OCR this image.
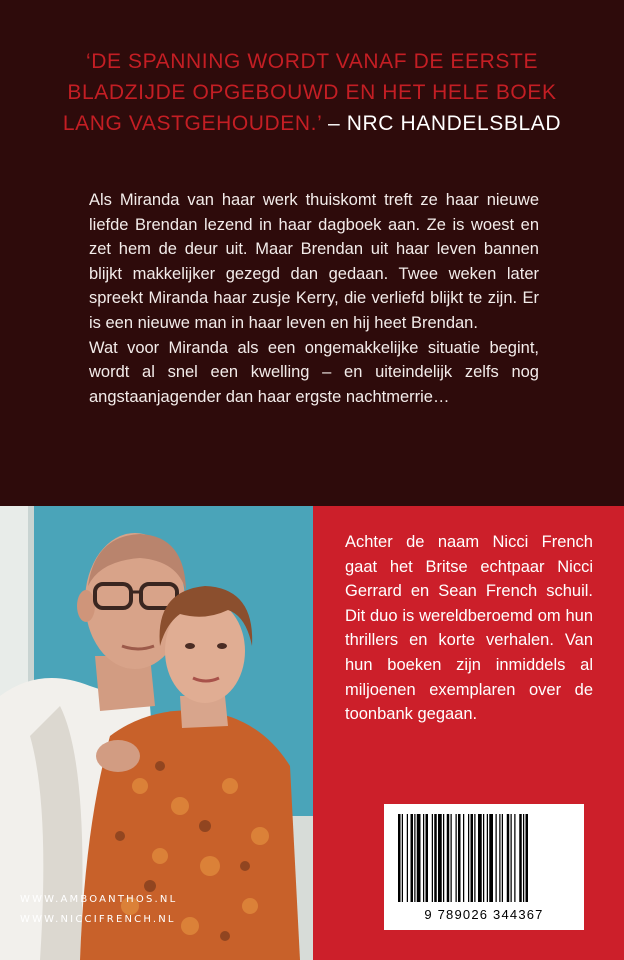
‘DE SPANNING WORDT VANAF DE EERSTE BLADZIJDE OPGEBOUWD EN HET HELE BOEK LANG VASTGEHOUDEN.’ – NRC HANDELSBLAD

Als Miranda van haar werk thuiskomt treft ze haar nieuwe liefde Brendan lezend in haar dagboek aan. Ze is woest en zet hem de deur uit. Maar Brendan uit haar leven bannen blijkt makkelijker gezegd dan gedaan. Twee weken later spreekt Miranda haar zusje Kerry, die verliefd blijkt te zijn. Er is een nieuwe man in haar leven en hij heet Brendan.

Wat voor Miranda als een ongemakkelijke situatie begint, wordt al snel een kwelling – en uiteindelijk zelfs nog angstaanjagender dan haar ergste nachtmerrie…

WWW.AMBOANTHOS.NL
WWW.NICCIFRENCH.NL
Achter de naam Nicci French gaat het Britse echtpaar Nicci Gerrard en Sean French schuil. Dit duo is wereldberoemd om hun thrillers en korte verhalen. Van hun boeken zijn inmiddels al miljoenen exemplaren over de toonbank gegaan.
9 789026 344367
